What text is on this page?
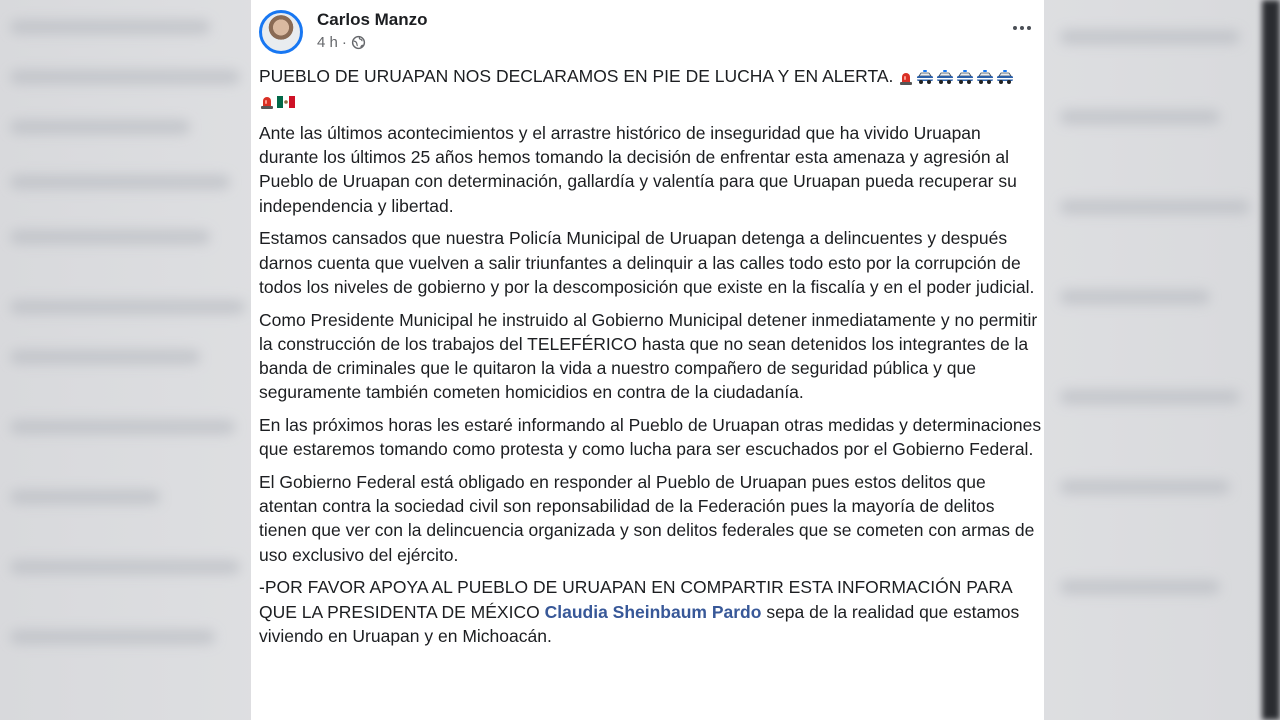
Carlos Manzo
4 h ·

PUEBLO DE URUAPAN NOS DECLARAMOS EN PIE DE LUCHA Y EN ALERTA.

Ante las últimos acontecimientos y el arrastre histórico de inseguridad que ha vivido Uruapan durante los últimos 25 años hemos tomando la decisión de enfrentar esta amenaza y agresión al Pueblo de Uruapan con determinación, gallardía y valentía para que Uruapan pueda recuperar su independencia y libertad.

Estamos cansados que nuestra Policía Municipal de Uruapan detenga a delincuentes y después darnos cuenta que vuelven a salir triunfantes a delinquir a las calles todo esto por la corrupción de todos los niveles de gobierno y por la descomposición que existe en la fiscalía y en el poder judicial.

Como Presidente Municipal he instruido al Gobierno Municipal detener inmediatamente y no permitir la construcción de los trabajos del TELEFÉRICO hasta que no sean detenidos los integrantes de la banda de criminales que le quitaron la vida a nuestro compañero de seguridad pública y que seguramente también cometen homicidios en contra de la ciudadanía.

En las próximos horas les estaré informando al Pueblo de Uruapan otras medidas y determinaciones que estaremos tomando como protesta y como lucha para ser escuchados por el Gobierno Federal.

El Gobierno Federal está obligado en responder al Pueblo de Uruapan pues estos delitos que atentan contra la sociedad civil son reponsabilidad de la Federación pues la mayoría de delitos tienen que ver con la delincuencia organizada y son delitos federales que se cometen con armas de uso exclusivo del ejército.

-POR FAVOR APOYA AL PUEBLO DE URUAPAN EN COMPARTIR ESTA INFORMACIÓN PARA QUE LA PRESIDENTA DE MÉXICO Claudia Sheinbaum Pardo sepa de la realidad que estamos viviendo en Uruapan y en Michoacán.
